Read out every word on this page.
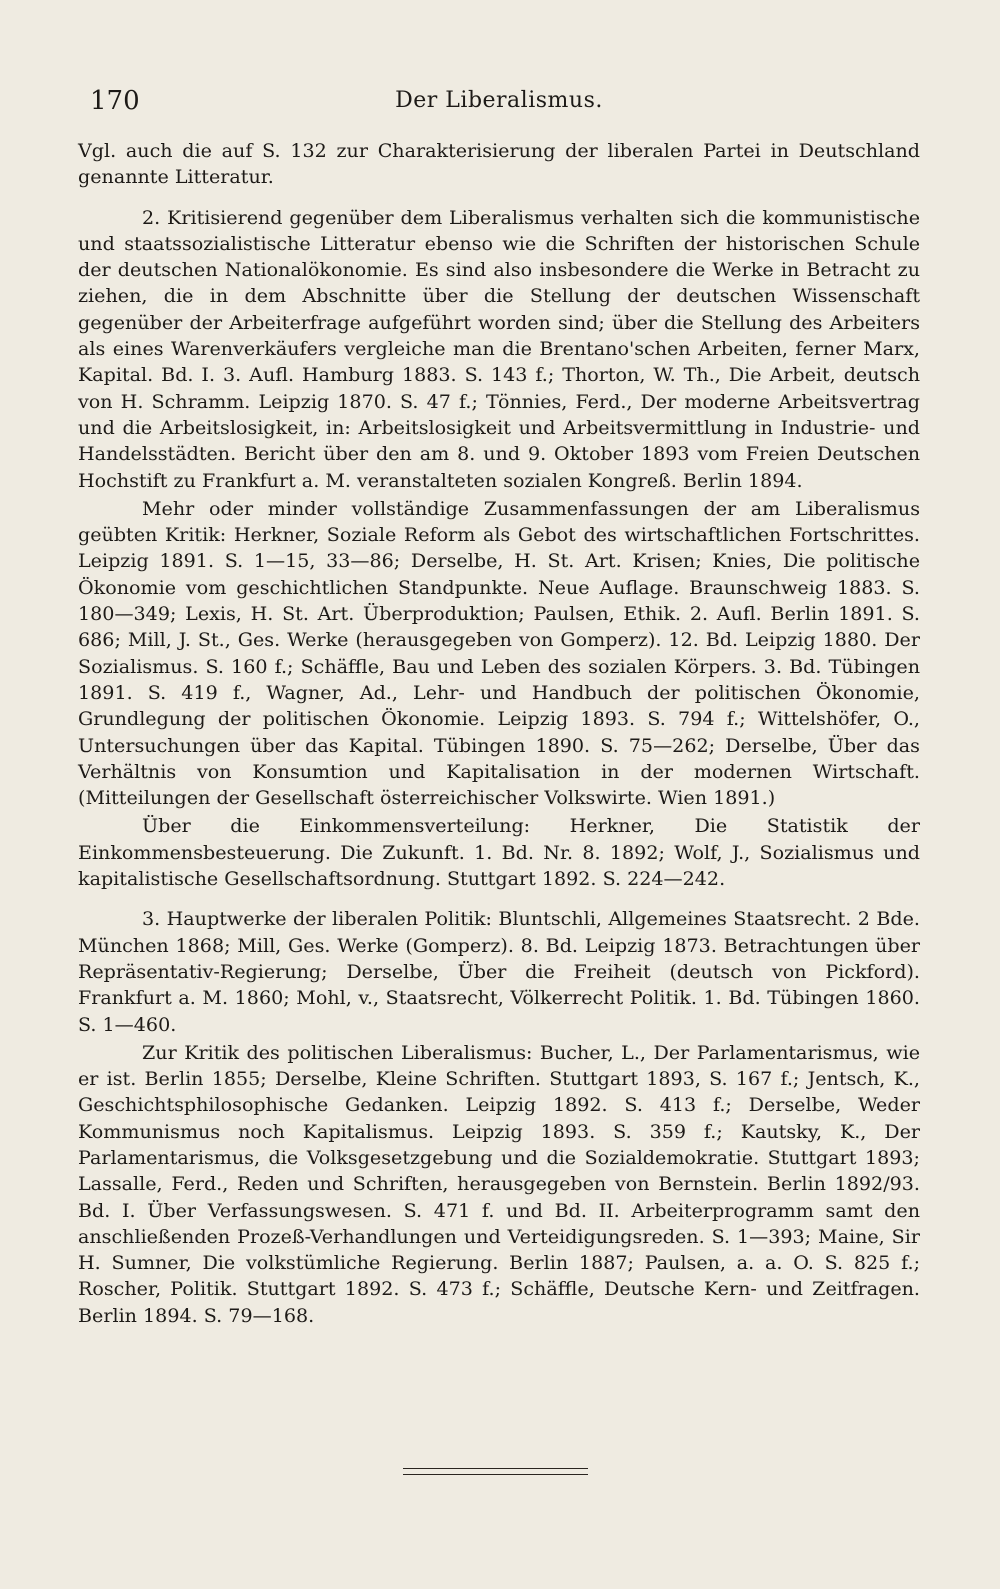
170	Der Liberalismus.

Vgl. auch die auf S. 132 zur Charakterisierung der liberalen Partei in Deutschland genannte Litteratur.

2. Kritisierend gegenüber dem Liberalismus verhalten sich die kommunistische und staatssozialistische Litteratur ebenso wie die Schriften der historischen Schule der deutschen Nationalökonomie. Es sind also insbesondere die Werke in Betracht zu ziehen, die in dem Abschnitte über die Stellung der deutschen Wissenschaft gegenüber der Arbeiterfrage aufgeführt worden sind; über die Stellung des Arbeiters als eines Warenverkäufers vergleiche man die Brentano'schen Arbeiten, ferner Marx, Kapital. Bd. I. 3. Aufl. Hamburg 1883. S. 143 f.; Thorton, W. Th., Die Arbeit, deutsch von H. Schramm. Leipzig 1870. S. 47 f.; Tönnies, Ferd., Der moderne Arbeitsvertrag und die Arbeitslosigkeit, in: Arbeitslosigkeit und Arbeitsvermittlung in Industrie- und Handelsstädten. Bericht über den am 8. und 9. Oktober 1893 vom Freien Deutschen Hochstift zu Frankfurt a. M. veranstalteten sozialen Kongreß. Berlin 1894.

Mehr oder minder vollständige Zusammenfassungen der am Liberalismus geübten Kritik: Herkner, Soziale Reform als Gebot des wirtschaftlichen Fortschrittes. Leipzig 1891. S. 1—15, 33—86; Derselbe, H. St. Art. Krisen; Knies, Die politische Ökonomie vom geschichtlichen Standpunkte. Neue Auflage. Braunschweig 1883. S. 180—349; Lexis, H. St. Art. Überproduktion; Paulsen, Ethik. 2. Aufl. Berlin 1891. S. 686; Mill, J. St., Ges. Werke (herausgegeben von Gomperz). 12. Bd. Leipzig 1880. Der Sozialismus. S. 160 f.; Schäffle, Bau und Leben des sozialen Körpers. 3. Bd. Tübingen 1891. S. 419 f., Wagner, Ad., Lehr- und Handbuch der politischen Ökonomie, Grundlegung der politischen Ökonomie. Leipzig 1893. S. 794 f.; Wittelshöfer, O., Untersuchungen über das Kapital. Tübingen 1890. S. 75—262; Derselbe, Über das Verhältnis von Konsumtion und Kapitalisation in der modernen Wirtschaft. (Mitteilungen der Gesellschaft österreichischer Volkswirte. Wien 1891.)

Über die Einkommensverteilung: Herkner, Die Statistik der Einkommensbesteuerung. Die Zukunft. 1. Bd. Nr. 8. 1892; Wolf, J., Sozialismus und kapitalistische Gesellschaftsordnung. Stuttgart 1892. S. 224—242.

3. Hauptwerke der liberalen Politik: Bluntschli, Allgemeines Staatsrecht. 2 Bde. München 1868; Mill, Ges. Werke (Gomperz). 8. Bd. Leipzig 1873. Betrachtungen über Repräsentativ-Regierung; Derselbe, Über die Freiheit (deutsch von Pickford). Frankfurt a. M. 1860; Mohl, v., Staatsrecht, Völkerrecht Politik. 1. Bd. Tübingen 1860. S. 1—460.

Zur Kritik des politischen Liberalismus: Bucher, L., Der Parlamentarismus, wie er ist. Berlin 1855; Derselbe, Kleine Schriften. Stuttgart 1893, S. 167 f.; Jentsch, K., Geschichtsphilosophische Gedanken. Leipzig 1892. S. 413 f.; Derselbe, Weder Kommunismus noch Kapitalismus. Leipzig 1893. S. 359 f.; Kautsky, K., Der Parlamentarismus, die Volksgesetzgebung und die Sozialdemokratie. Stuttgart 1893; Lassalle, Ferd., Reden und Schriften, herausgegeben von Bernstein. Berlin 1892/93. Bd. I. Über Verfassungswesen. S. 471 f. und Bd. II. Arbeiterprogramm samt den anschließenden Prozeß-Verhandlungen und Verteidigungsreden. S. 1—393; Maine, Sir H. Sumner, Die volkstümliche Regierung. Berlin 1887; Paulsen, a. a. O. S. 825 f.; Roscher, Politik. Stuttgart 1892. S. 473 f.; Schäffle, Deutsche Kern- und Zeitfragen. Berlin 1894. S. 79—168.
